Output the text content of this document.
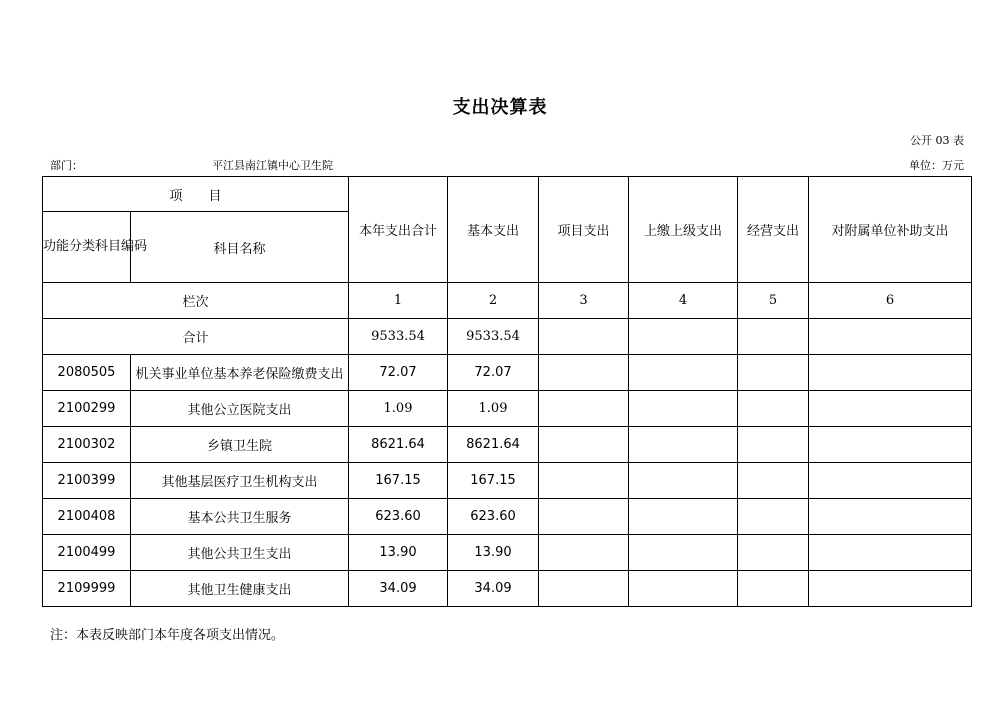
支出决算表
公开 03 表
部门：	平江县南江镇中心卫生院	单位：万元
项　　目		本年支出合计	基本支出	项目支出	上缴上级支出	经营支出	对附属单位补助支出
功能分类科目编码	科目名称						
栏次		1	2	3	4	5	6
合计		9533.54	9533.54				
2080505	机关事业单位基本养老保险缴费支出	72.07	72.07				
2100299	其他公立医院支出	1.09	1.09				
2100302	乡镇卫生院	8621.64	8621.64				
2100399	其他基层医疗卫生机构支出	167.15	167.15				
2100408	基本公共卫生服务	623.60	623.60				
2100499	其他公共卫生支出	13.90	13.90				
2109999	其他卫生健康支出	34.09	34.09				
注：本表反映部门本年度各项支出情况。
